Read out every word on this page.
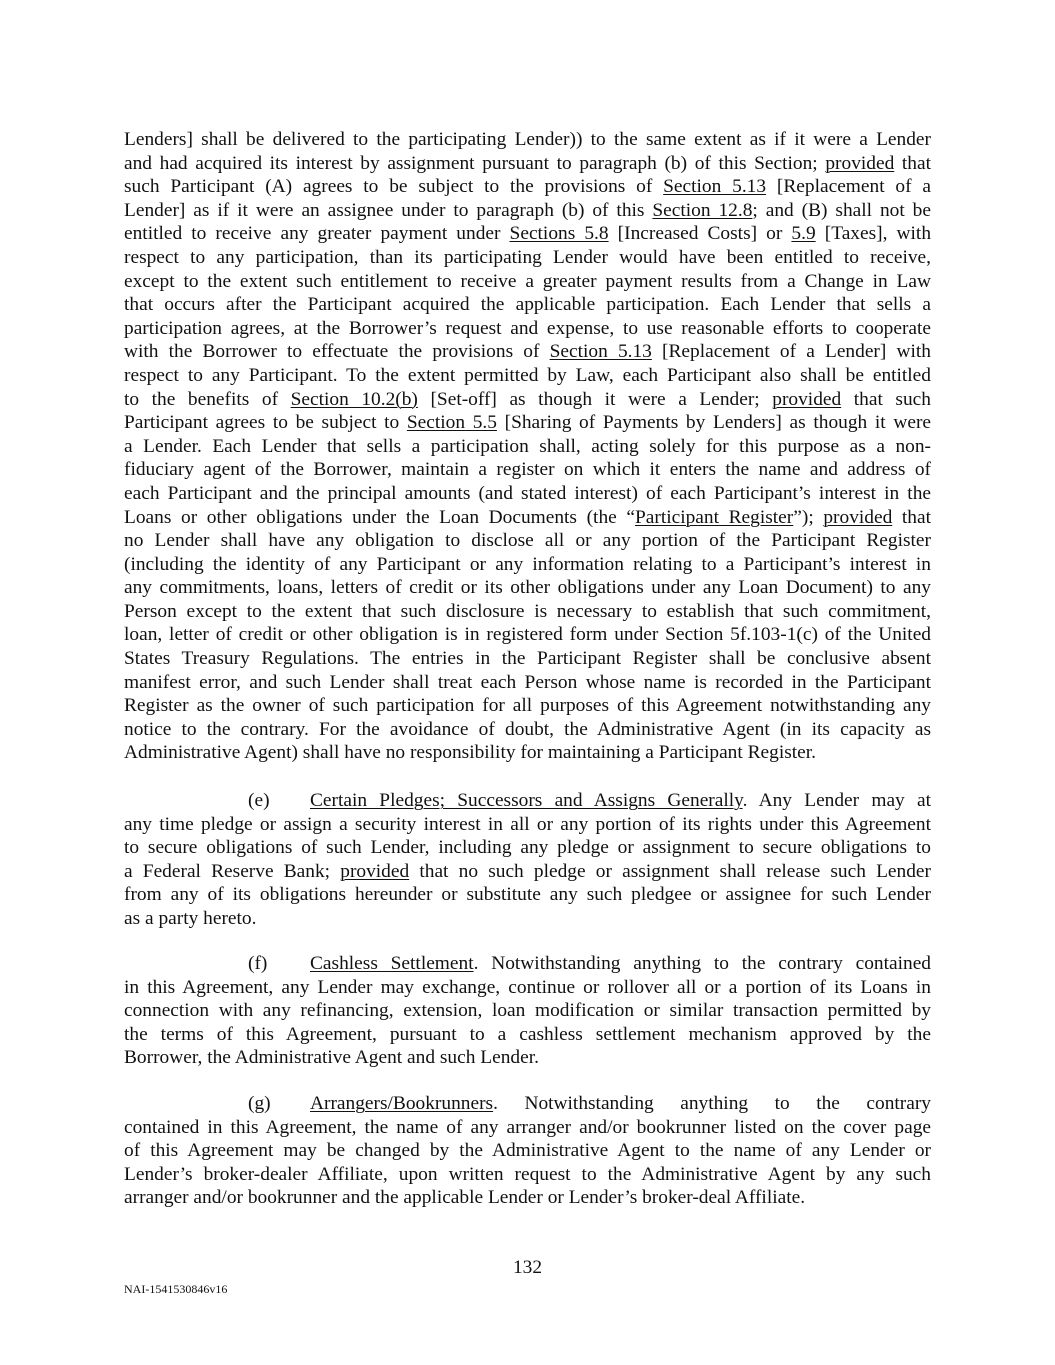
Lenders] shall be delivered to the participating Lender)) to the same extent as if it were a Lender
and had acquired its interest by assignment pursuant to paragraph (b) of this Section; provided that
such Participant (A) agrees to be subject to the provisions of Section 5.13 [Replacement of a
Lender] as if it were an assignee under to paragraph (b) of this Section 12.8; and (B) shall not be
entitled to receive any greater payment under Sections 5.8 [Increased Costs] or 5.9 [Taxes], with
respect to any participation, than its participating Lender would have been entitled to receive,
except to the extent such entitlement to receive a greater payment results from a Change in Law
that occurs after the Participant acquired the applicable participation. Each Lender that sells a
participation agrees, at the Borrower’s request and expense, to use reasonable efforts to cooperate
with the Borrower to effectuate the provisions of Section 5.13 [Replacement of a Lender] with
respect to any Participant. To the extent permitted by Law, each Participant also shall be entitled
to the benefits of Section 10.2(b) [Set-off] as though it were a Lender; provided that such
Participant agrees to be subject to Section 5.5 [Sharing of Payments by Lenders] as though it were
a Lender. Each Lender that sells a participation shall, acting solely for this purpose as a non-
fiduciary agent of the Borrower, maintain a register on which it enters the name and address of
each Participant and the principal amounts (and stated interest) of each Participant’s interest in the
Loans or other obligations under the Loan Documents (the “Participant Register”); provided that
no Lender shall have any obligation to disclose all or any portion of the Participant Register
(including the identity of any Participant or any information relating to a Participant’s interest in
any commitments, loans, letters of credit or its other obligations under any Loan Document) to any
Person except to the extent that such disclosure is necessary to establish that such commitment,
loan, letter of credit or other obligation is in registered form under Section 5f.103-1(c) of the United
States Treasury Regulations. The entries in the Participant Register shall be conclusive absent
manifest error, and such Lender shall treat each Person whose name is recorded in the Participant
Register as the owner of such participation for all purposes of this Agreement notwithstanding any
notice to the contrary. For the avoidance of doubt, the Administrative Agent (in its capacity as
Administrative Agent) shall have no responsibility for maintaining a Participant Register.
(e) Certain Pledges; Successors and Assigns Generally. Any Lender may at
any time pledge or assign a security interest in all or any portion of its rights under this Agreement
to secure obligations of such Lender, including any pledge or assignment to secure obligations to
a Federal Reserve Bank; provided that no such pledge or assignment shall release such Lender
from any of its obligations hereunder or substitute any such pledgee or assignee for such Lender
as a party hereto.
(f) Cashless Settlement. Notwithstanding anything to the contrary contained
in this Agreement, any Lender may exchange, continue or rollover all or a portion of its Loans in
connection with any refinancing, extension, loan modification or similar transaction permitted by
the terms of this Agreement, pursuant to a cashless settlement mechanism approved by the
Borrower, the Administrative Agent and such Lender.
(g) Arrangers/Bookrunners. Notwithstanding anything to the contrary
contained in this Agreement, the name of any arranger and/or bookrunner listed on the cover page
of this Agreement may be changed by the Administrative Agent to the name of any Lender or
Lender’s broker-dealer Affiliate, upon written request to the Administrative Agent by any such
arranger and/or bookrunner and the applicable Lender or Lender’s broker-deal Affiliate.
132
NAI-1541530846v16
